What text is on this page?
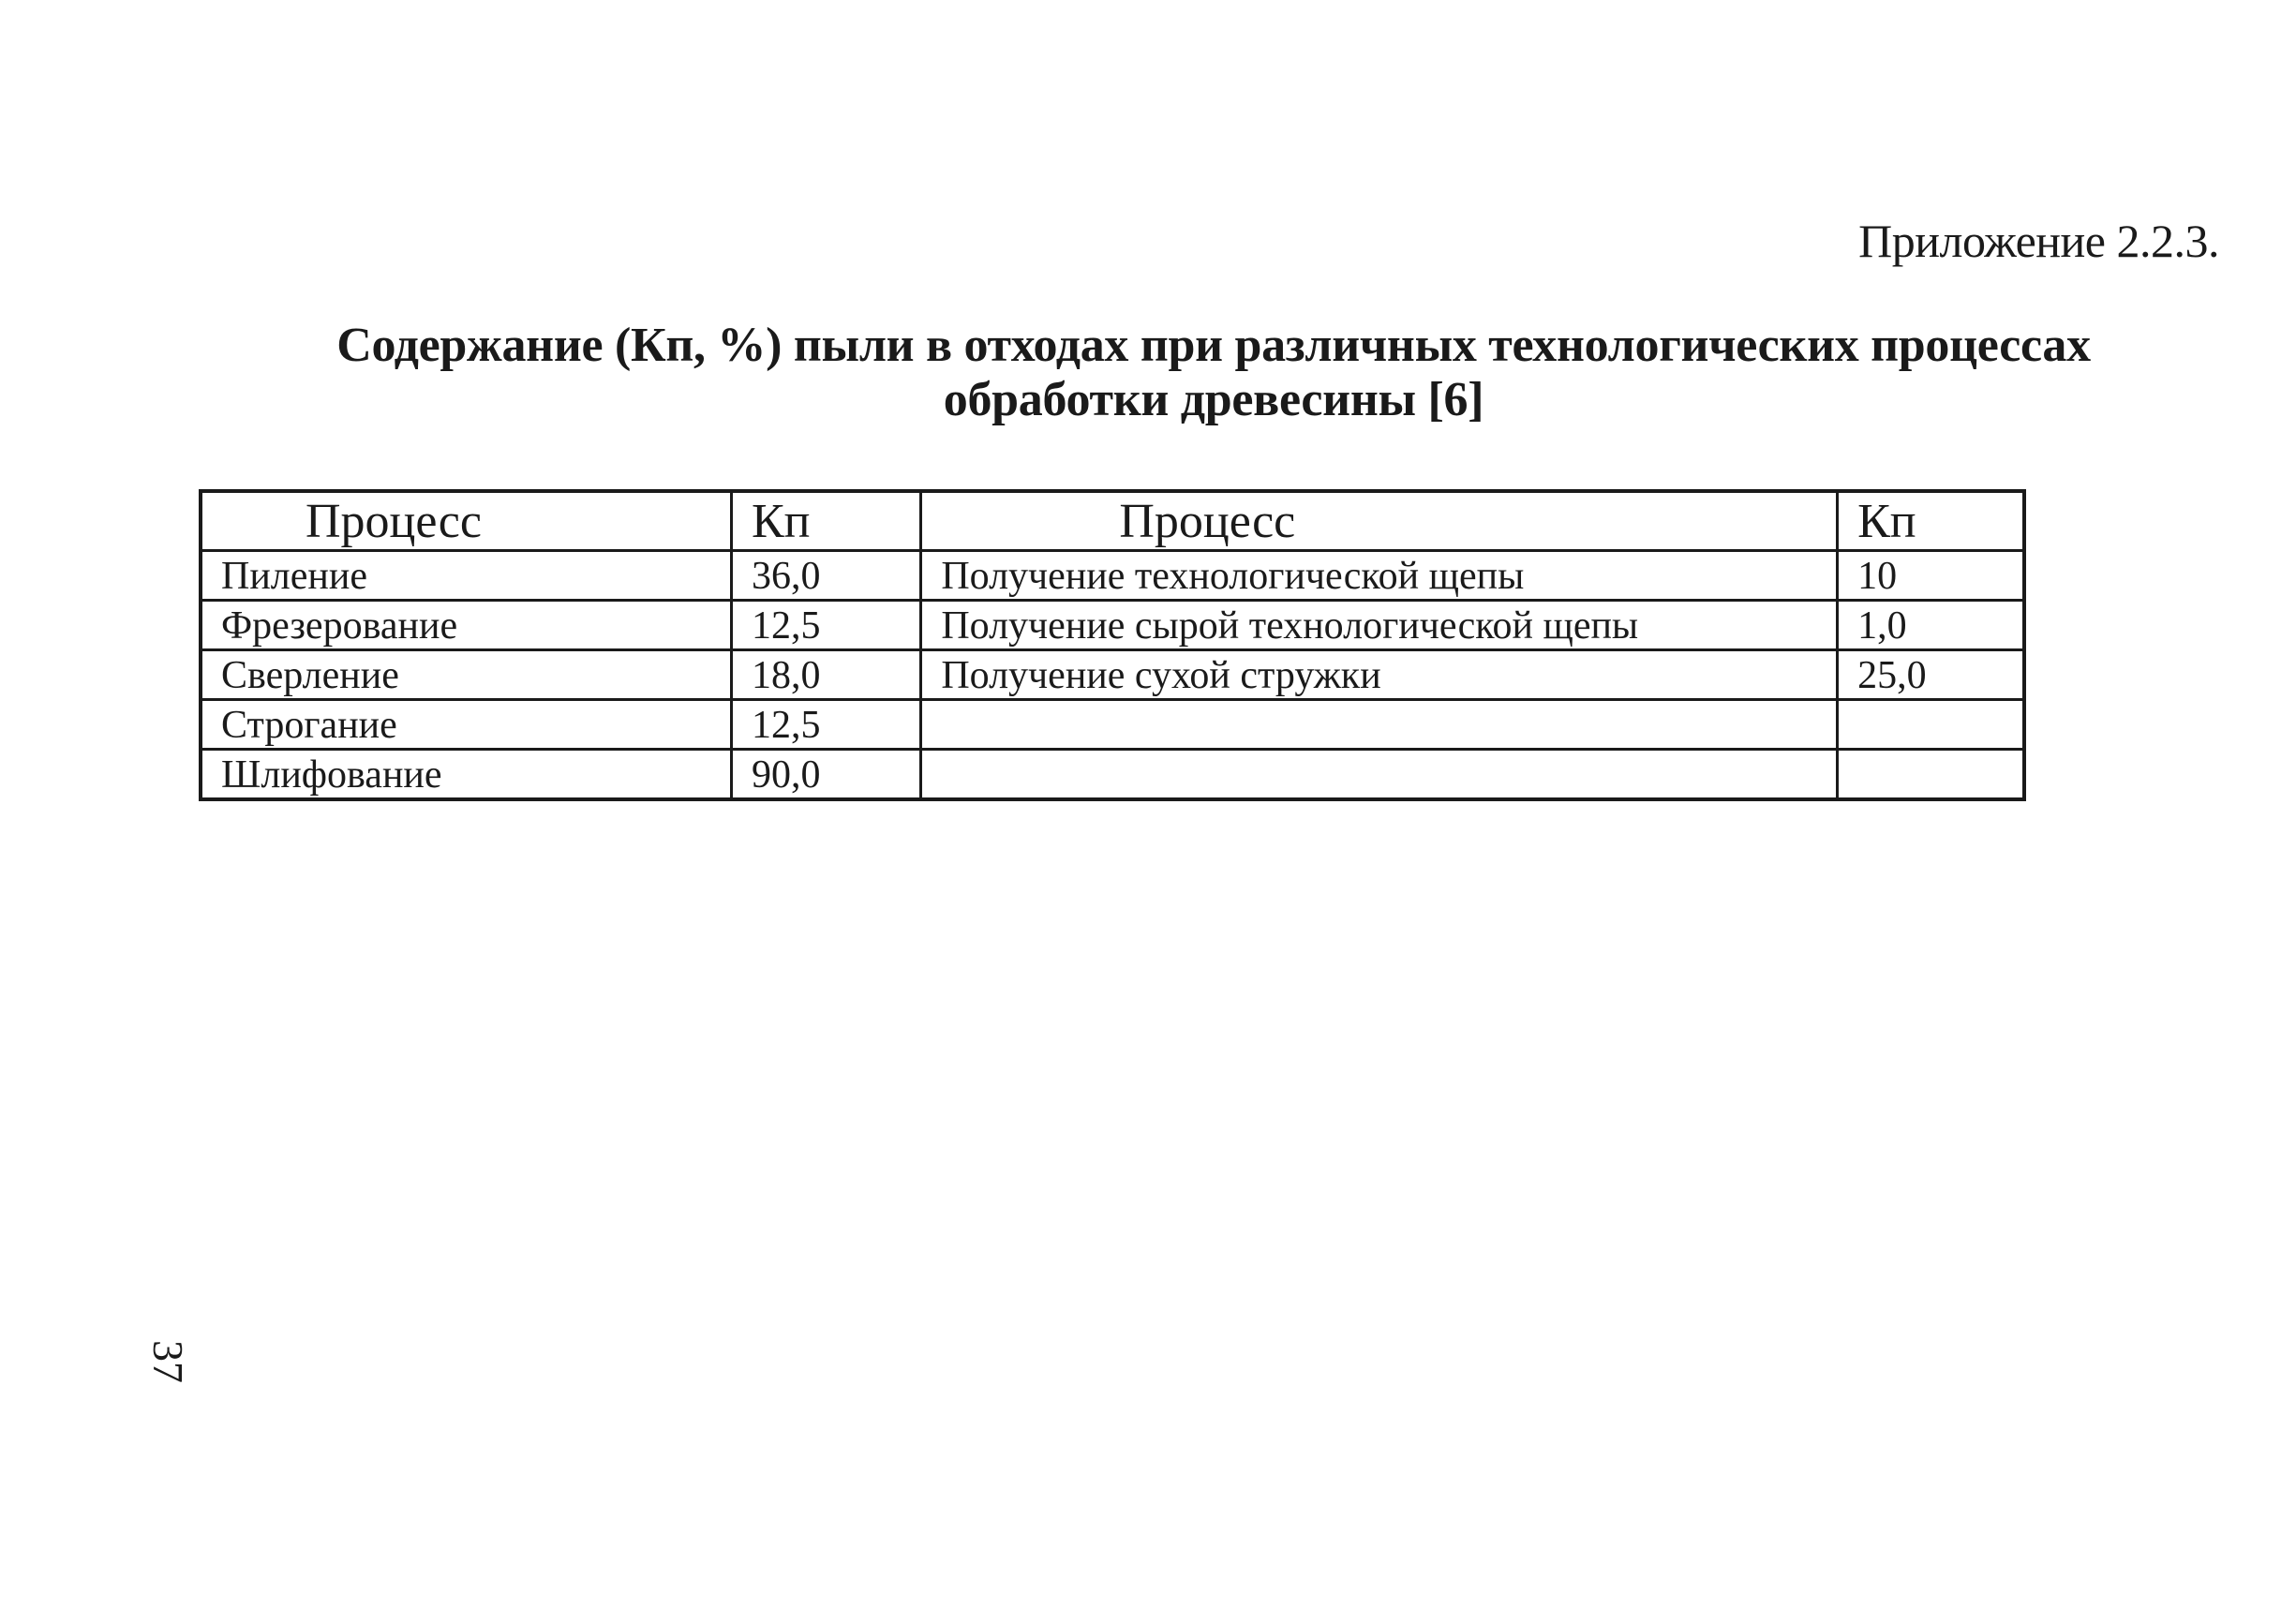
Приложение 2.2.3.
Содержание (Кп, %) пыли в отходах при различных технологических процессах
обработки древесины [6]
Процесс	Кп	Процесс	Кп
Пиление	36,0	Получение технологической щепы	10
Фрезерование	12,5	Получение сырой технологической щепы	1,0
Сверление	18,0	Получение сухой стружки	25,0
Строгание	12,5		
Шлифование	90,0		
37
